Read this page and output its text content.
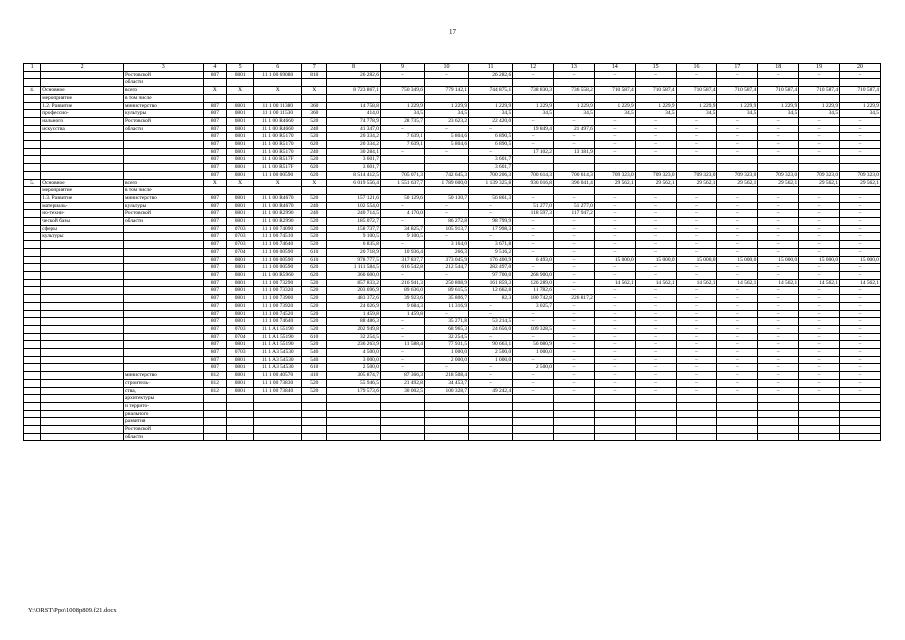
17
1	2	3	4	5	6	7	8	9	10	11	12	13	14	15	16	17	18	19	20
		Ростовской	807	0801	11 1 00 69080	810	26 282,6	–	–	26 282,6	–	–	–	–	–	–	–	–	–
		области																	
4.	Основное	всего	Х	Х	Х	Х	8 723 867,1	750 349,6	779 142,1	744 875,1	738 830,3	736 558,2	710 587,4	710 587,4	710 587,4	710 587,4	710 587,4	710 587,4	710 587,4
	мероприятие	в том числе																	
	1.2. Развитие	министерство	807	0801	11 1 00 11380	360	14 758,8	1 229,9	1 229,9	1 229,9	1 229,9	1 229,9	1 229,9	1 229,9	1 229,9	1 229,9	1 229,9	1 229,9	1 229,9
	профессио-	культуры	807	0801	11 1 00 11530	360	414,0	34,5	34,5	34,5	34,5	34,5	34,5	34,5	34,5	34,5	34,5	34,5	34,5
	нального	Ростовской	807	0801	11 1 00 R4660	520	74 778,9	28 735,7	23 623,2	22 420,0	–	–	–	–	–	–	–	–	–
	искусства	области	807	0801	11 1 00 R4660	240	41 347,0	–	–	–	19 849,4	21 497,6	–	–	–	–	–	–	–
			807	0801	11 1 00 R5170	520	20 334,2	7 639,1	5 804,6	6 890,5	–	–	–	–	–	–	–	–	–
			807	0801	11 1 00 R5170	620	20 334,2	7 639,1	5 804,6	6 890,5	–	–	–	–	–	–	–	–	–
			807	0801	11 1 00 R5170	240	30 284,1	–	–	–	17 102,2	13 181,9	–	–	–	–	–	–	–
			807	0801	11 1 00 R517F	520	3 601,7			3 601,7									
			807	0801	11 1 00 R517F	620	3 601,7			3 601,7									
			807	0801	11 1 00 00590	620	8 514 412,5	705 071,3	742 645,3	700 206,3	700 614,3	700 614,3	709 323,0	709 323,0	709 323,0	709 323,0	709 323,0	709 323,0	709 323,0
5.	Основное	всего	Х	Х	Х	Х	6 019 556,4	1 551 637,7	1 789 600,0	1 139 325,8	936 016,8	396 041,4	29 562,1	29 562,1	29 562,1	29 562,1	29 562,1	29 562,1	29 562,1
	мероприятие	в том числе																	
	1.3. Развитие	министерство	807	0801	11 1 00 R4670	520	157 121,6	50 129,6	50 130,7	56 861,3	–	–	–	–	–	–	–	–	–
	материаль-	культуры	807	0801	11 1 00 R4670	240	102 554,0	–	–	–	51 277,0	51 277,0	–	–	–	–	–	–	–
	но-техни-	Ростовской	807	0801	11 1 00 R2990	240	240 714,5	4 170,0	–	–	118 597,3	117 947,2	–	–	–	–	–	–	–
	ческой базы	области	807	0801	11 1 00 R2990	520	185 072,7	–	86 272,8	98 799,9	–	–	–	–	–	–	–	–	–
	сферы		807	0703	11 1 00 74090	520	158 737,7	34 825,7	105 913,7	17 998,3	–	–	–	–	–	–	–	–	–
	культуры		807	0703	11 1 00 74510	520	9 100,5	9 100,5	–	–	–	–	–	–	–	–	–	–	–
			807	0703	11 1 00 74640	520	6 835,8	–	3 164,0	3 671,8	–	–	–	–	–	–	–	–	–
			807	0704	11 1 00 00590	610	20 718,9	10 936,4	266,3	9 516,2	–	–	–	–	–	–	–	–	–
			807	0801	11 1 00 00590	610	978 777,5	317 837,7	373 045,9	176 400,9	6 493,0	–	15 000,0	15 000,0	15 000,0	15 000,0	15 000,0	15 000,0	15 000,0
			807	0801	11 1 00 00590	620	1 111 584,5	616 542,8	212 544,7	282 497,0	–	–	–	–	–	–	–	–	–
			807	0801	11 1 00 R5960	620	366 600,0	–	–	97 700,0	268 900,0	–	–	–	–	–	–	–	–
			807	0801	11 1 00 73290	520	857 833,2	216 941,3	250 808,9	161 859,3	126 289,0	–	14 562,1	14 562,1	14 562,1	14 562,1	14 562,1	14 562,1	14 562,1
			807	0801	11 1 00 73320	520	203 696,9	89 636,0	89 615,5	12 662,8	11 782,6	–	–	–	–	–	–	–	–
			807	0801	11 1 00 73900	520	483 372,6	39 923,6	35 806,7	82,3	180 742,8	226 817,2	–	–	–	–	–	–	–
			807	0801	11 1 00 73920	520	24 026,9	9 684,3	11 316,9	–	3 025,7	–	–	–	–	–	–	–	–
			807	0801	11 1 00 74520	520	1 459,8	1 459,8	–	–	–	–	–	–	–	–	–	–	–
			807	0801	11 1 00 74640	520	88 486,3	–	35 271,8	53 214,5	–	–	–	–	–	–	–	–	–
			807	0703	11 1 A1 55190	520	202 949,8	–	68 965,3	24 656,0	109 328,5	–	–	–	–	–	–	–	–
			807	0704	11 1 A1 55190	610	32 254,5	–	32 254,5	–	–	–	–	–	–	–	–	–	–
			807	0801	11 1 A1 55190	520	236 263,9	11 588,4	77 931,5	90 663,1	56 080,9	–	–	–	–	–	–	–	–
			807	0703	11 1 A3 54530	540	4 500,0	–	1 000,0	2 500,0	1 000,0	–	–	–	–	–	–	–	–
			807	0801	11 1 A3 54530	540	3 000,0	–	2 000,0	1 000,0	–	–	–	–	–	–	–	–	–
			807	0801	11 1 A3 54530	610	2 500,0	–	–	–	2 500,0	–	–	–	–	–	–	–	–
		министерство	812	0801	11 1 00 40570	410	305 874,7	87 366,3	218 508,4	–	–	–	–	–	–	–	–	–	–
		строитель-	812	0801	11 1 00 73830	520	55 946,5	21 492,8	34 453,7	–	–	–	–	–	–	–	–	–	–
		ства,	812	0801	11 1 00 73840	520	179 573,6	30 002,5	100 328,7	49 242,4	–	–	–	–	–	–	–	–	–
		архитектуры																	
		и террито-																	
		риального																	
		развития																	
		Ростовской																	
		области																	
Y:\ORST\Ppo\1008p809.f21.docx
